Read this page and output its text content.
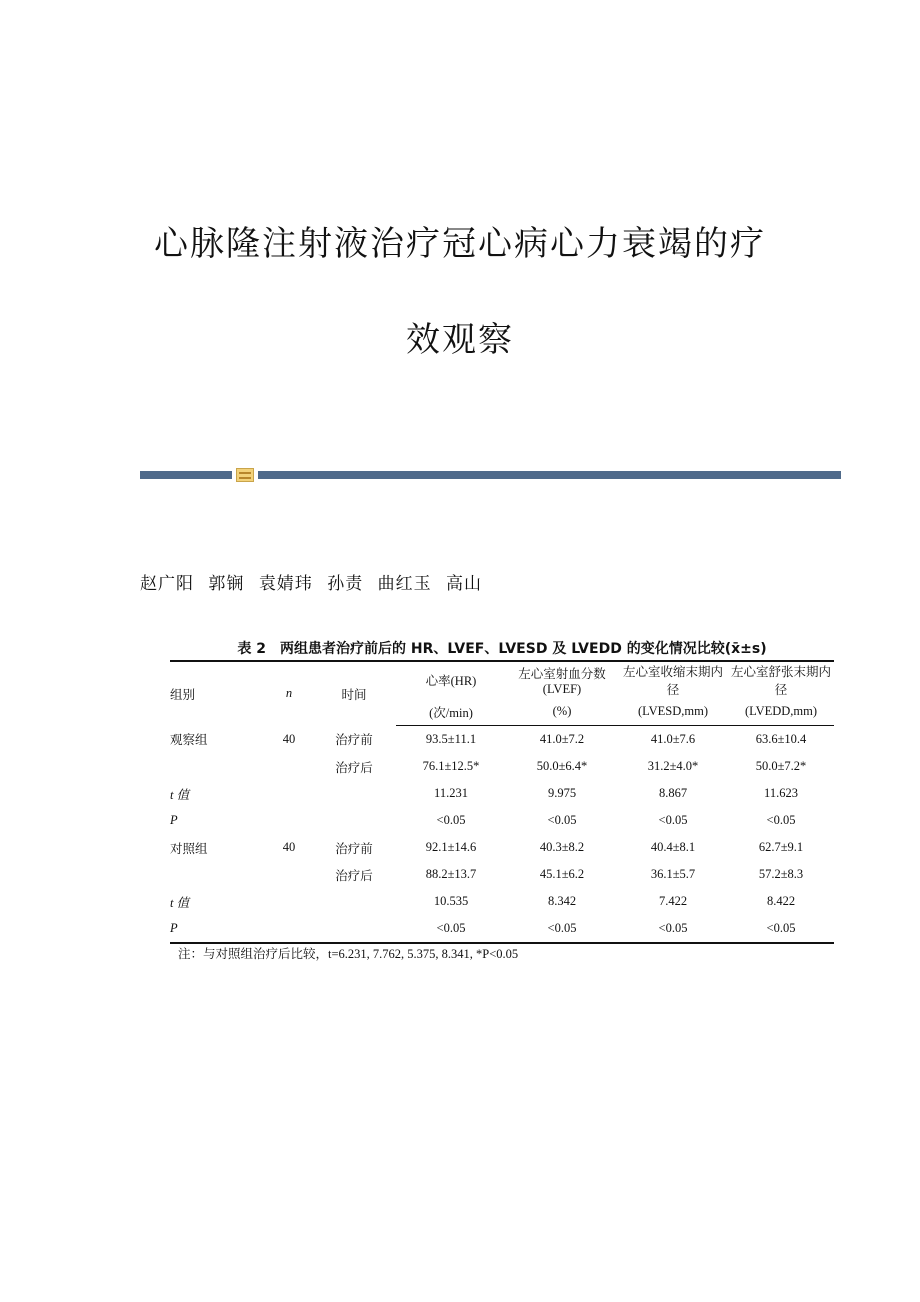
心脉隆注射液治疗冠心病心力衰竭的疗
效观察
赵广阳 郭锎 袁婧玮 孙责 曲红玉 高山
表 2　两组患者治疗前后的 HR、LVEF、LVESD 及 LVEDD 的变化情况比较(x̄±s)
组别	n	时间	心率(HR)	左心室射血分数(LVEF)	左心室收缩末期内径	左心室舒张末期内径
			(次/min)	(%)	(LVESD,mm)	(LVEDD,mm)
观察组	40	治疗前	93.5±11.1	41.0±7.2	41.0±7.6	63.6±10.4
		治疗后	76.1±12.5*	50.0±6.4*	31.2±4.0*	50.0±7.2*
t 值			11.231	9.975	8.867	11.623
P			<0.05	<0.05	<0.05	<0.05
对照组	40	治疗前	92.1±14.6	40.3±8.2	40.4±8.1	62.7±9.1
		治疗后	88.2±13.7	45.1±6.2	36.1±5.7	57.2±8.3
t 值			10.535	8.342	7.422	8.422
P			<0.05	<0.05	<0.05	<0.05
注：与对照组治疗后比较，t=6.231, 7.762, 5.375, 8.341, *P<0.05
